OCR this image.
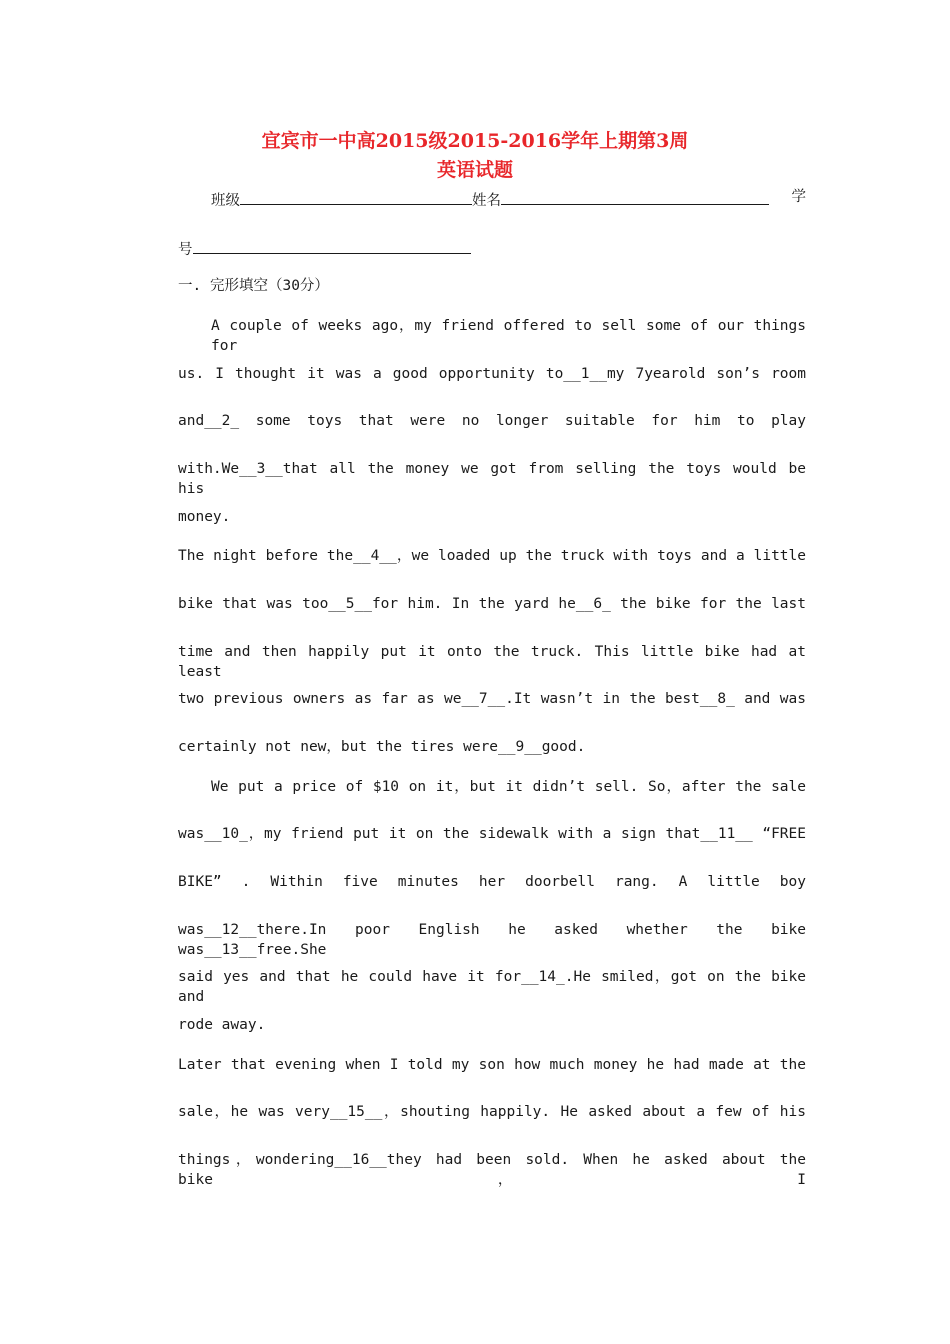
宜宾市一中高2015级2015-2016学年上期第3周
英语试题
班级	姓名	学
号
一. 完形填空（30分）
A couple of weeks ago，my friend offered to sell some of our things for
us. I thought it was a good opportunity to__1__my 7yearold son’s room
and__2_ some toys that were no longer suitable for him to play
with.We__3__that all the money we got from selling the toys would be his
money.
The night before the__4__，we loaded up the truck with toys and a little
bike that was too__5__for him. In the yard he__6_ the bike for the last
time and then happily put it onto the truck. This little bike had at least
two previous owners as far as we__7__.It wasn’t in the best__8_ and was
certainly not new，but the tires were__9__good.
We put a price of $10 on it，but it didn’t sell. So，after the sale
was__10_，my friend put it on the sidewalk with a sign that__11__ “FREE
BIKE” . Within five minutes her doorbell rang. A little boy
was__12__there.In poor English he asked whether the bike was__13__free.She
said yes and that he could have it for__14_.He smiled，got on the bike and
rode away.
Later that evening when I told my son how much money he had made at the
sale，he was very__15__，shouting happily. He asked about a few of his
things，wondering__16__they had been sold. When he asked about the bike，I
